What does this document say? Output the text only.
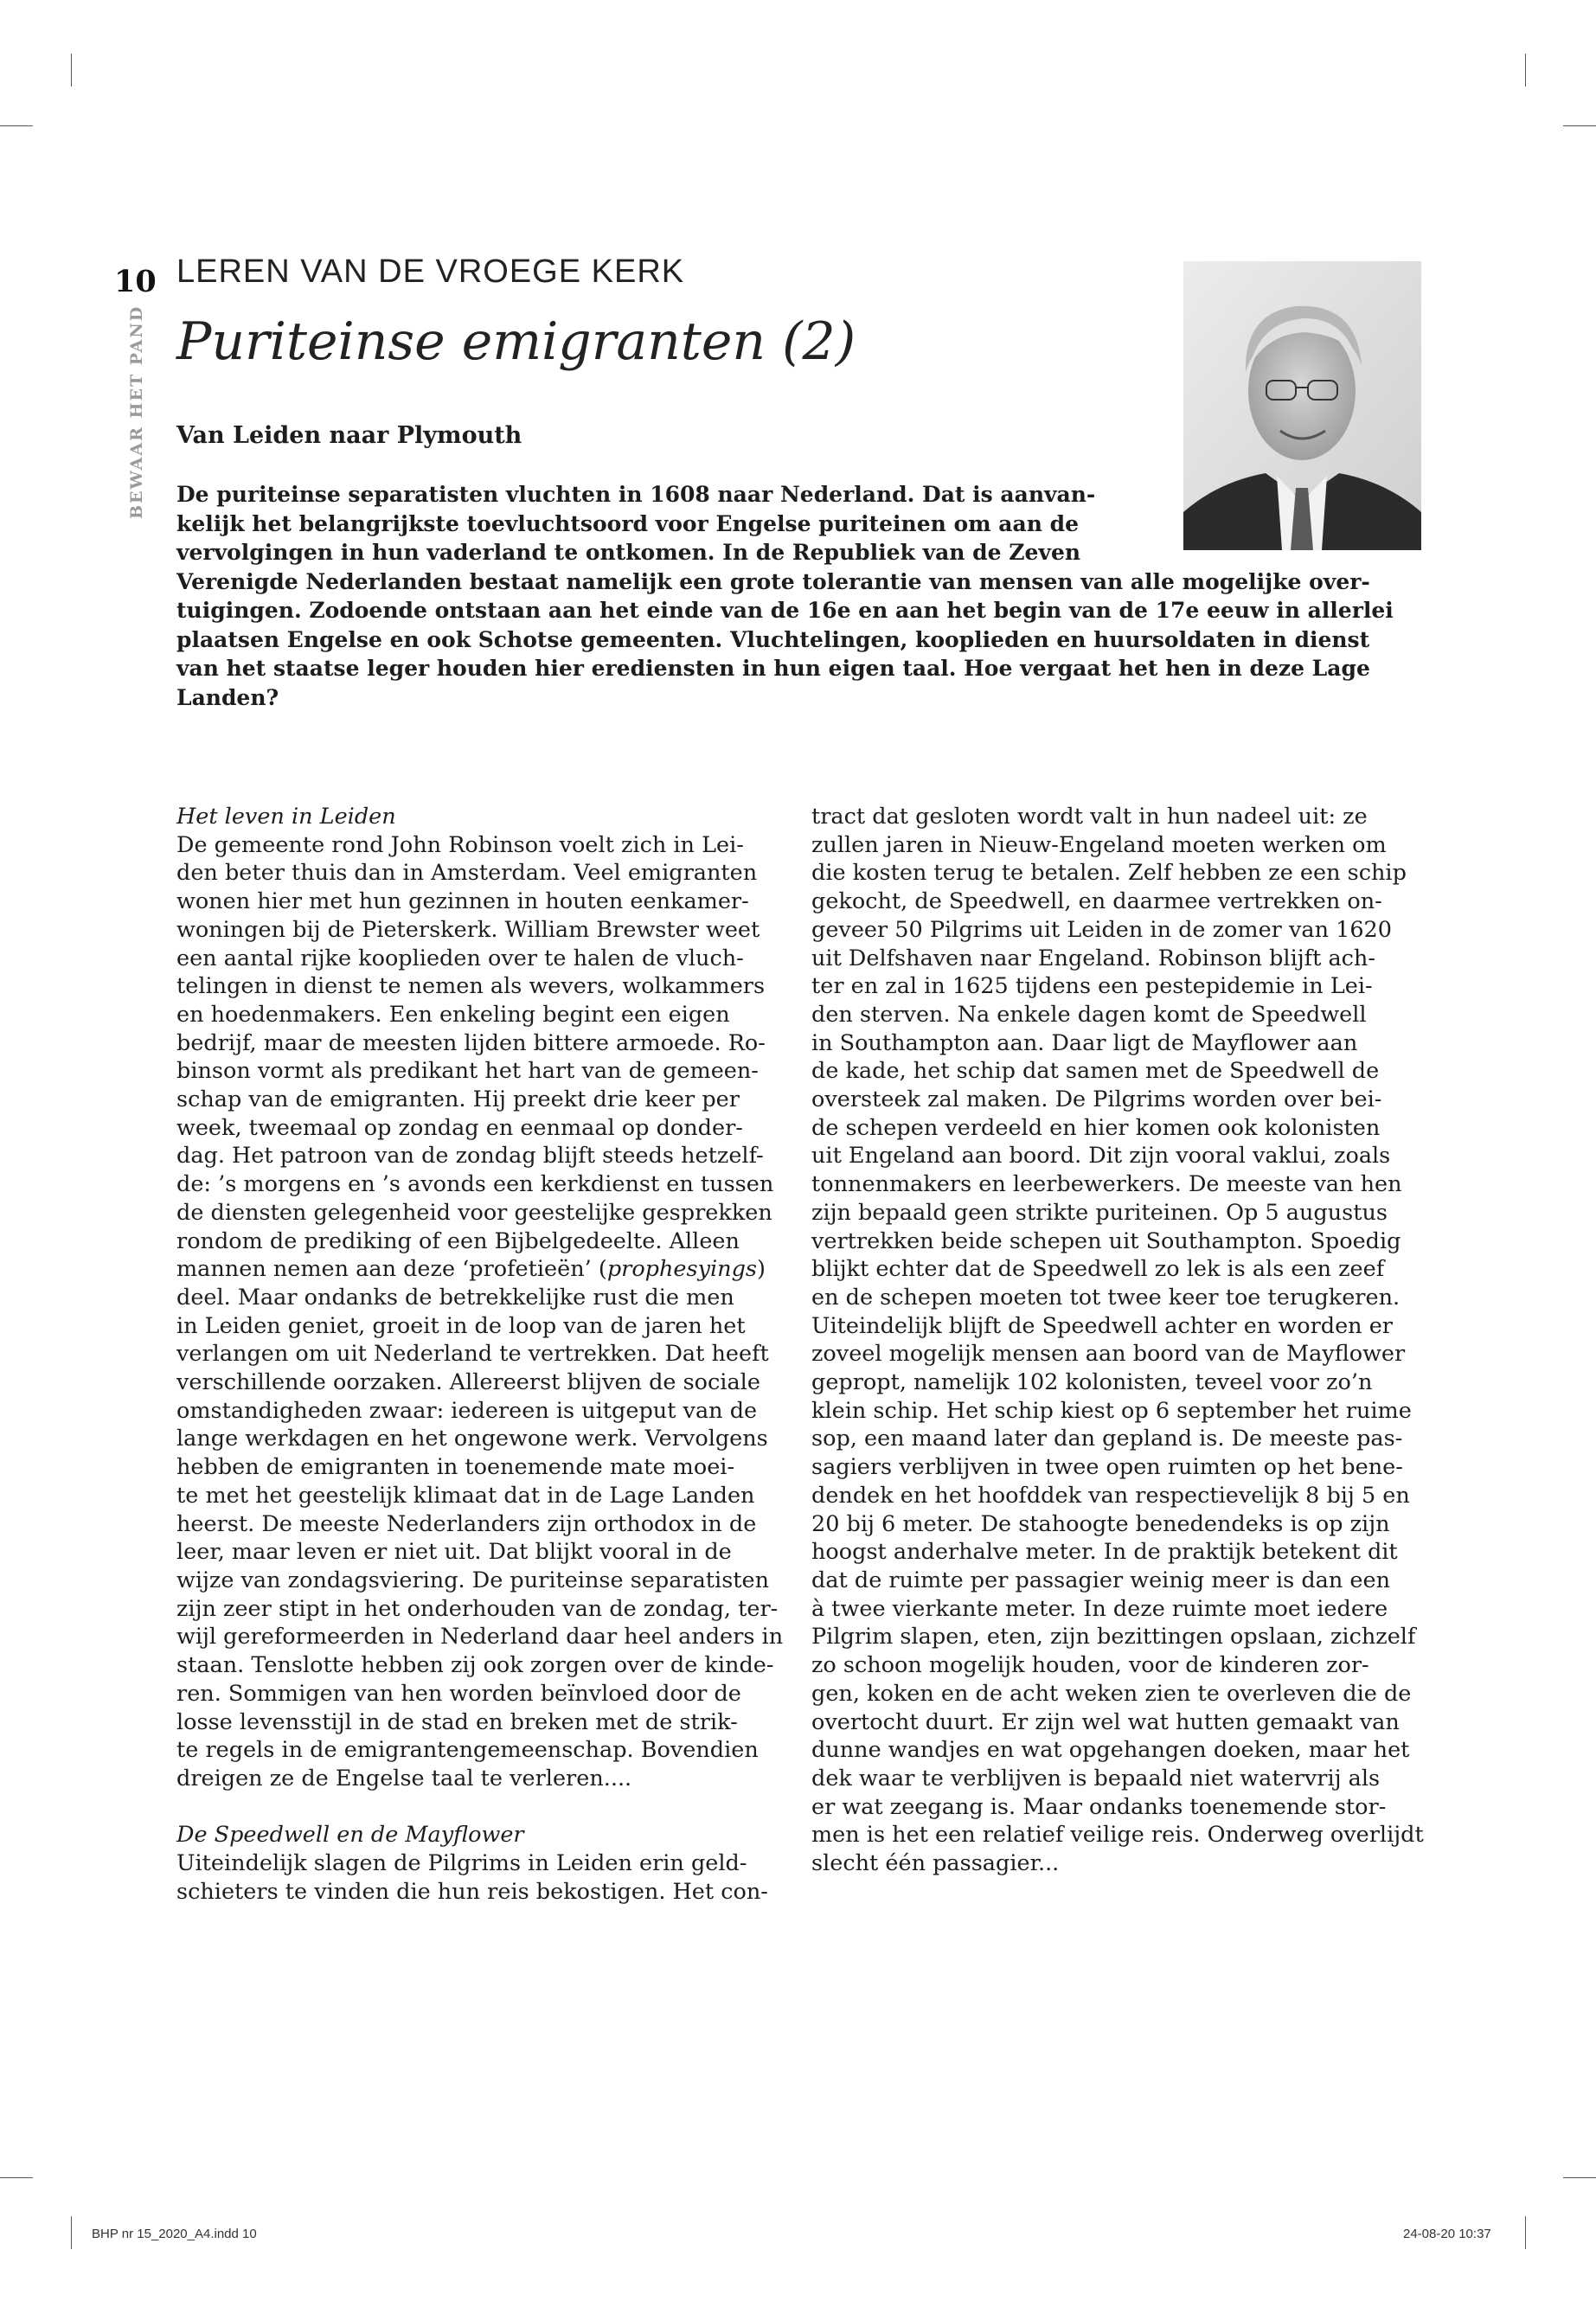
10
BEWAAR HET PAND
LEREN VAN DE VROEGE KERK
Puriteinse emigranten (2)
Van Leiden naar Plymouth
De puriteinse separatisten vluchten in 1608 naar Nederland. Dat is aanvan-
kelijk het belangrijkste toevluchtsoord voor Engelse puriteinen om aan de
vervolgingen in hun vaderland te ontkomen. In de Republiek van de Zeven
Verenigde Nederlanden bestaat namelijk een grote tolerantie van mensen van alle mogelijke over-
tuigingen. Zodoende ontstaan aan het einde van de 16e en aan het begin van de 17e eeuw in allerlei
plaatsen Engelse en ook Schotse gemeenten. Vluchtelingen, kooplieden en huursoldaten in dienst
van het staatse leger houden hier erediensten in hun eigen taal. Hoe vergaat het hen in deze Lage
Landen?
Het leven in Leiden
De gemeente rond John Robinson voelt zich in Lei-
den beter thuis dan in Amsterdam. Veel emigranten
wonen hier met hun gezinnen in houten eenkamer-
woningen bij de Pieterskerk. William Brewster weet
een aantal rijke kooplieden over te halen de vluch-
telingen in dienst te nemen als wevers, wolkammers
en hoedenmakers. Een enkeling begint een eigen
bedrijf, maar de meesten lijden bittere armoede. Ro-
binson vormt als predikant het hart van de gemeen-
schap van de emigranten. Hij preekt drie keer per
week, tweemaal op zondag en eenmaal op donder-
dag. Het patroon van de zondag blijft steeds hetzelf-
de: ’s morgens en ’s avonds een kerkdienst en tussen
de diensten gelegenheid voor geestelijke gesprekken
rondom de prediking of een Bijbelgedeelte. Alleen
mannen nemen aan deze ‘profetieën’ (prophesyings)
deel. Maar ondanks de betrekkelijke rust die men
in Leiden geniet, groeit in de loop van de jaren het
verlangen om uit Nederland te vertrekken. Dat heeft
verschillende oorzaken. Allereerst blijven de sociale
omstandigheden zwaar: iedereen is uitgeput van de
lange werkdagen en het ongewone werk. Vervolgens
hebben de emigranten in toenemende mate moei-
te met het geestelijk klimaat dat in de Lage Landen
heerst. De meeste Nederlanders zijn orthodox in de
leer, maar leven er niet uit. Dat blijkt vooral in de
wijze van zondagsviering. De puriteinse separatisten
zijn zeer stipt in het onderhouden van de zondag, ter-
wijl gereformeerden in Nederland daar heel anders in
staan. Tenslotte hebben zij ook zorgen over de kinde-
ren. Sommigen van hen worden beïnvloed door de
losse levensstijl in de stad en breken met de strik-
te regels in de emigrantengemeenschap. Bovendien
dreigen ze de Engelse taal te verleren....
De Speedwell en de Mayflower
Uiteindelijk slagen de Pilgrims in Leiden erin geld-
schieters te vinden die hun reis bekostigen. Het con-
tract dat gesloten wordt valt in hun nadeel uit: ze
zullen jaren in Nieuw-Engeland moeten werken om
die kosten terug te betalen. Zelf hebben ze een schip
gekocht, de Speedwell, en daarmee vertrekken on-
geveer 50 Pilgrims uit Leiden in de zomer van 1620
uit Delfshaven naar Engeland. Robinson blijft ach-
ter en zal in 1625 tijdens een pestepidemie in Lei-
den sterven. Na enkele dagen komt de Speedwell
in Southampton aan. Daar ligt de Mayflower aan
de kade, het schip dat samen met de Speedwell de
oversteek zal maken. De Pilgrims worden over bei-
de schepen verdeeld en hier komen ook kolonisten
uit Engeland aan boord. Dit zijn vooral vaklui, zoals
tonnenmakers en leerbewerkers. De meeste van hen
zijn bepaald geen strikte puriteinen. Op 5 augustus
vertrekken beide schepen uit Southampton. Spoedig
blijkt echter dat de Speedwell zo lek is als een zeef
en de schepen moeten tot twee keer toe terugkeren.
Uiteindelijk blijft de Speedwell achter en worden er
zoveel mogelijk mensen aan boord van de Mayflower
gepropt, namelijk 102 kolonisten, teveel voor zo’n
klein schip. Het schip kiest op 6 september het ruime
sop, een maand later dan gepland is. De meeste pas-
sagiers verblijven in twee open ruimten op het bene-
dendek en het hoofddek van respectievelijk 8 bij 5 en
20 bij 6 meter. De stahoogte benedendeks is op zijn
hoogst anderhalve meter. In de praktijk betekent dit
dat de ruimte per passagier weinig meer is dan een
à twee vierkante meter. In deze ruimte moet iedere
Pilgrim slapen, eten, zijn bezittingen opslaan, zichzelf
zo schoon mogelijk houden, voor de kinderen zor-
gen, koken en de acht weken zien te overleven die de
overtocht duurt. Er zijn wel wat hutten gemaakt van
dunne wandjes en wat opgehangen doeken, maar het
dek waar te verblijven is bepaald niet watervrij als
er wat zeegang is. Maar ondanks toenemende stor-
men is het een relatief veilige reis. Onderweg overlijdt
slecht één passagier...
BHP nr 15_2020_A4.indd 10	24-08-20 10:37
